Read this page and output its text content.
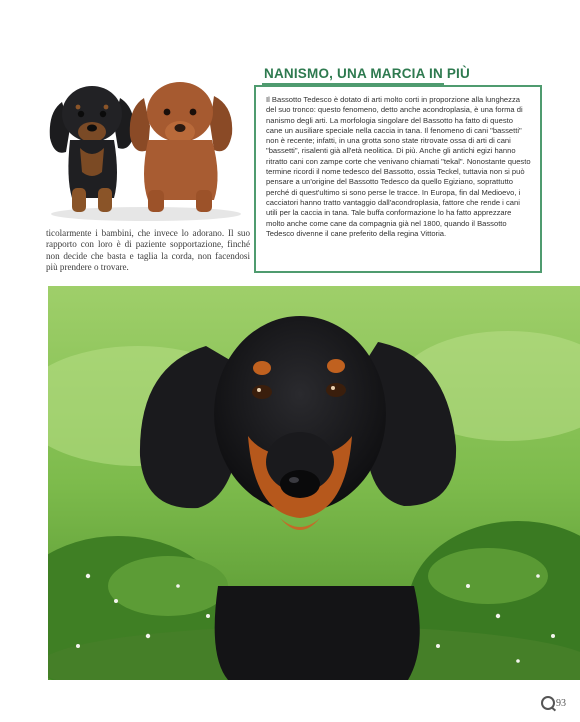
ticolarmente i bambini, che invece lo adorano. Il suo rapporto con loro è di paziente sopportazione, finché non decide che basta e taglia la corda, non facendosi più prendere o trovare.

Il Bassotto Tedesco è dotato di arti molto corti in proporzione alla lunghezza del suo tronco: questo fenomeno, detto anche acondroplasia, è una forma di nanismo degli arti. La morfologia singolare del Bassotto ha fatto di questo cane un ausiliare speciale nella caccia in tana. Il fenomeno di cani "bassetti" non è recente; infatti, in una grotta sono state ritrovate ossa di arti di cani "bassetti", risalenti già all'età neolitica. Di più. Anche gli antichi egizi hanno ritratto cani con zampe corte che venivano chiamati "tekal". Nonostante questo termine ricordi il nome tedesco del Bassotto, ossia Teckel, tuttavia non si può pensare a un'origine del Bassotto Tedesco da quello Egiziano, soprattutto perché di quest'ultimo si sono perse le tracce. In Europa, fin dal Medioevo, i cacciatori hanno tratto vantaggio dall'acondroplasia, fattore che rende i cani utili per la caccia in tana. Tale buffa conformazione lo ha fatto apprezzare molto anche come cane da compagnia già nel 1800, quando il Bassotto Tedesco divenne il cane preferito della regina Vittoria.

NANISMO, UNA MARCIA IN PIÙ
93
